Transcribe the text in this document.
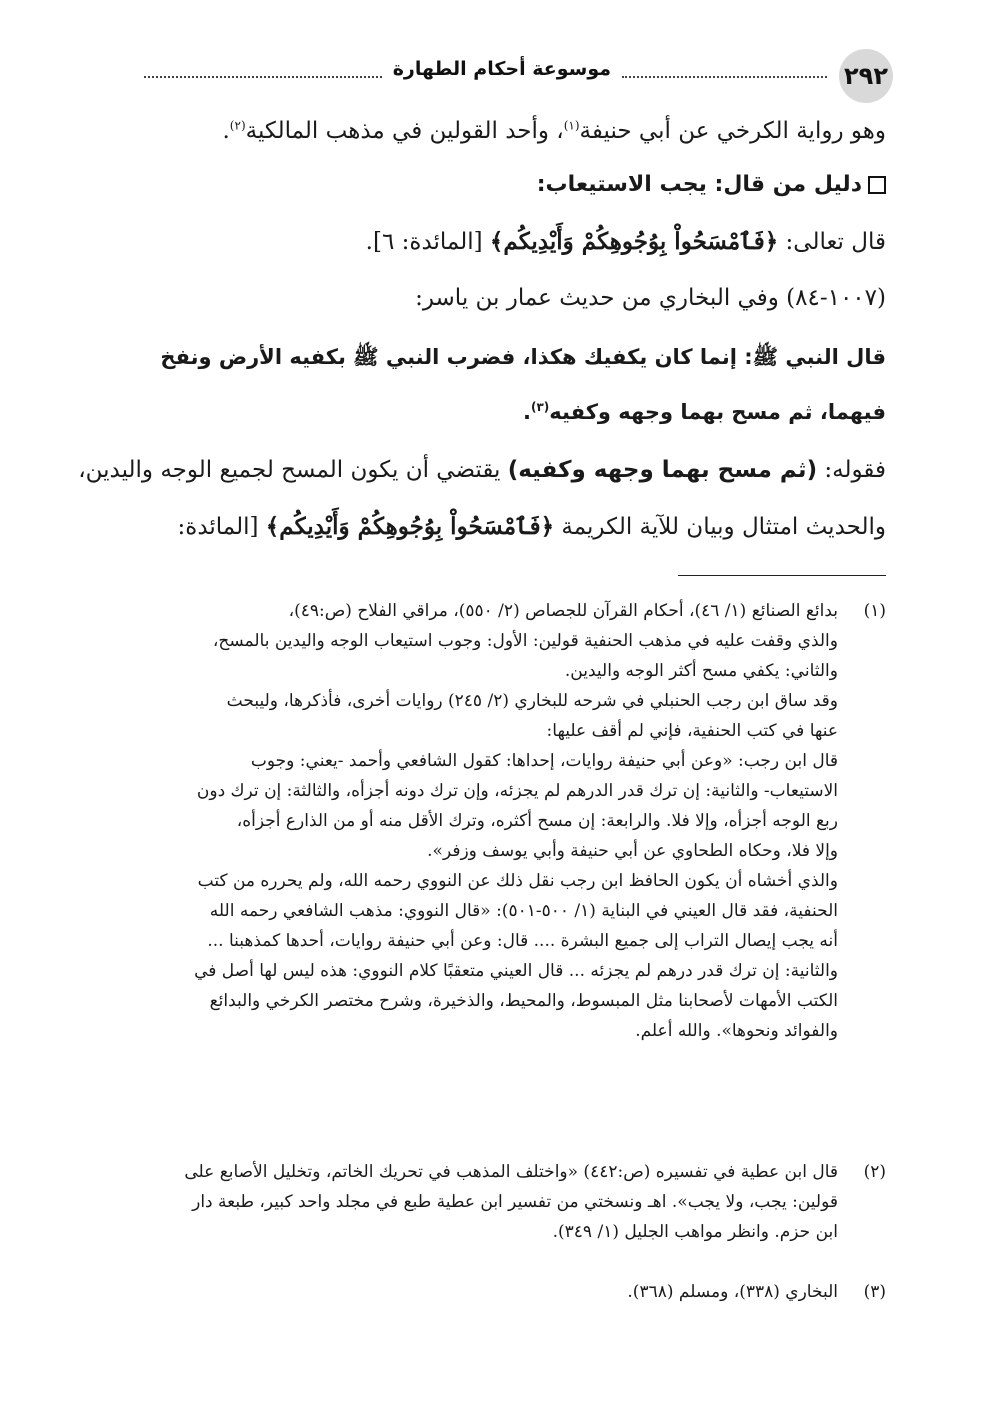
٢٩٢
موسوعة أحكام الطهارة
وهو رواية الكرخي عن أبي حنيفة$^{(١)}$، وأحد القولين في مذهب المالكية$^{(٢)}$.
دليل من قال: يجب الاستيعاب:
قال تعالى: ﴿فَٱمْسَحُواْ بِوُجُوهِكُمْ وَأَيْدِيكُم﴾ [المائدة: ٦].
(١٠٠٧-٨٤) وفي البخاري من حديث عمار بن ياسر:
قال النبي ﷺ: إنما كان يكفيك هكذا، فضرب النبي ﷺ بكفيه الأرض ونفخ
فيهما، ثم مسح بهما وجهه وكفيه$^{(٣)}$.
فقوله: (ثم مسح بهما وجهه وكفيه) يقتضي أن يكون المسح لجميع الوجه واليدين،
والحديث امتثال وبيان للآية الكريمة ﴿فَٱمْسَحُواْ بِوُجُوهِكُمْ وَأَيْدِيكُم﴾ [المائدة:
(١)
بدائع الصنائع (١/ ٤٦)، أحكام القرآن للجصاص (٢/ ٥٥٠)، مراقي الفلاح (ص:٤٩)،
والذي وقفت عليه في مذهب الحنفية قولين: الأول: وجوب استيعاب الوجه واليدين بالمسح،
والثاني: يكفي مسح أكثر الوجه واليدين.
وقد ساق ابن رجب الحنبلي في شرحه للبخاري (٢/ ٢٤٥) روايات أخرى، فأذكرها، وليبحث
عنها في كتب الحنفية، فإني لم أقف عليها:
قال ابن رجب: «وعن أبي حنيفة روايات، إحداها: كقول الشافعي وأحمد -يعني: وجوب
الاستيعاب- والثانية: إن ترك قدر الدرهم لم يجزئه، وإن ترك دونه أجزأه، والثالثة: إن ترك دون
ربع الوجه أجزأه، وإلا فلا. والرابعة: إن مسح أكثره، وترك الأقل منه أو من الذارع أجزأه،
وإلا فلا، وحكاه الطحاوي عن أبي حنيفة وأبي يوسف وزفر».
والذي أخشاه أن يكون الحافظ ابن رجب نقل ذلك عن النووي رحمه الله، ولم يحرره من كتب
الحنفية، فقد قال العيني في البناية (١/ ٥٠٠-٥٠١): «قال النووي: مذهب الشافعي رحمه الله
أنه يجب إيصال التراب إلى جميع البشرة .... قال: وعن أبي حنيفة روايات، أحدها كمذهبنا ...
والثانية: إن ترك قدر درهم لم يجزئه ... قال العيني متعقبًا كلام النووي: هذه ليس لها أصل في
الكتب الأمهات لأصحابنا مثل المبسوط، والمحيط، والذخيرة، وشرح مختصر الكرخي والبدائع
والفوائد ونحوها». والله أعلم.
(٢)
قال ابن عطية في تفسيره (ص:٤٤٢) «واختلف المذهب في تحريك الخاتم، وتخليل الأصابع على
قولين: يجب، ولا يجب». اهـ ونسختي من تفسير ابن عطية طبع في مجلد واحد كبير، طبعة دار
ابن حزم. وانظر مواهب الجليل (١/ ٣٤٩).
(٣)
البخاري (٣٣٨)، ومسلم (٣٦٨).
